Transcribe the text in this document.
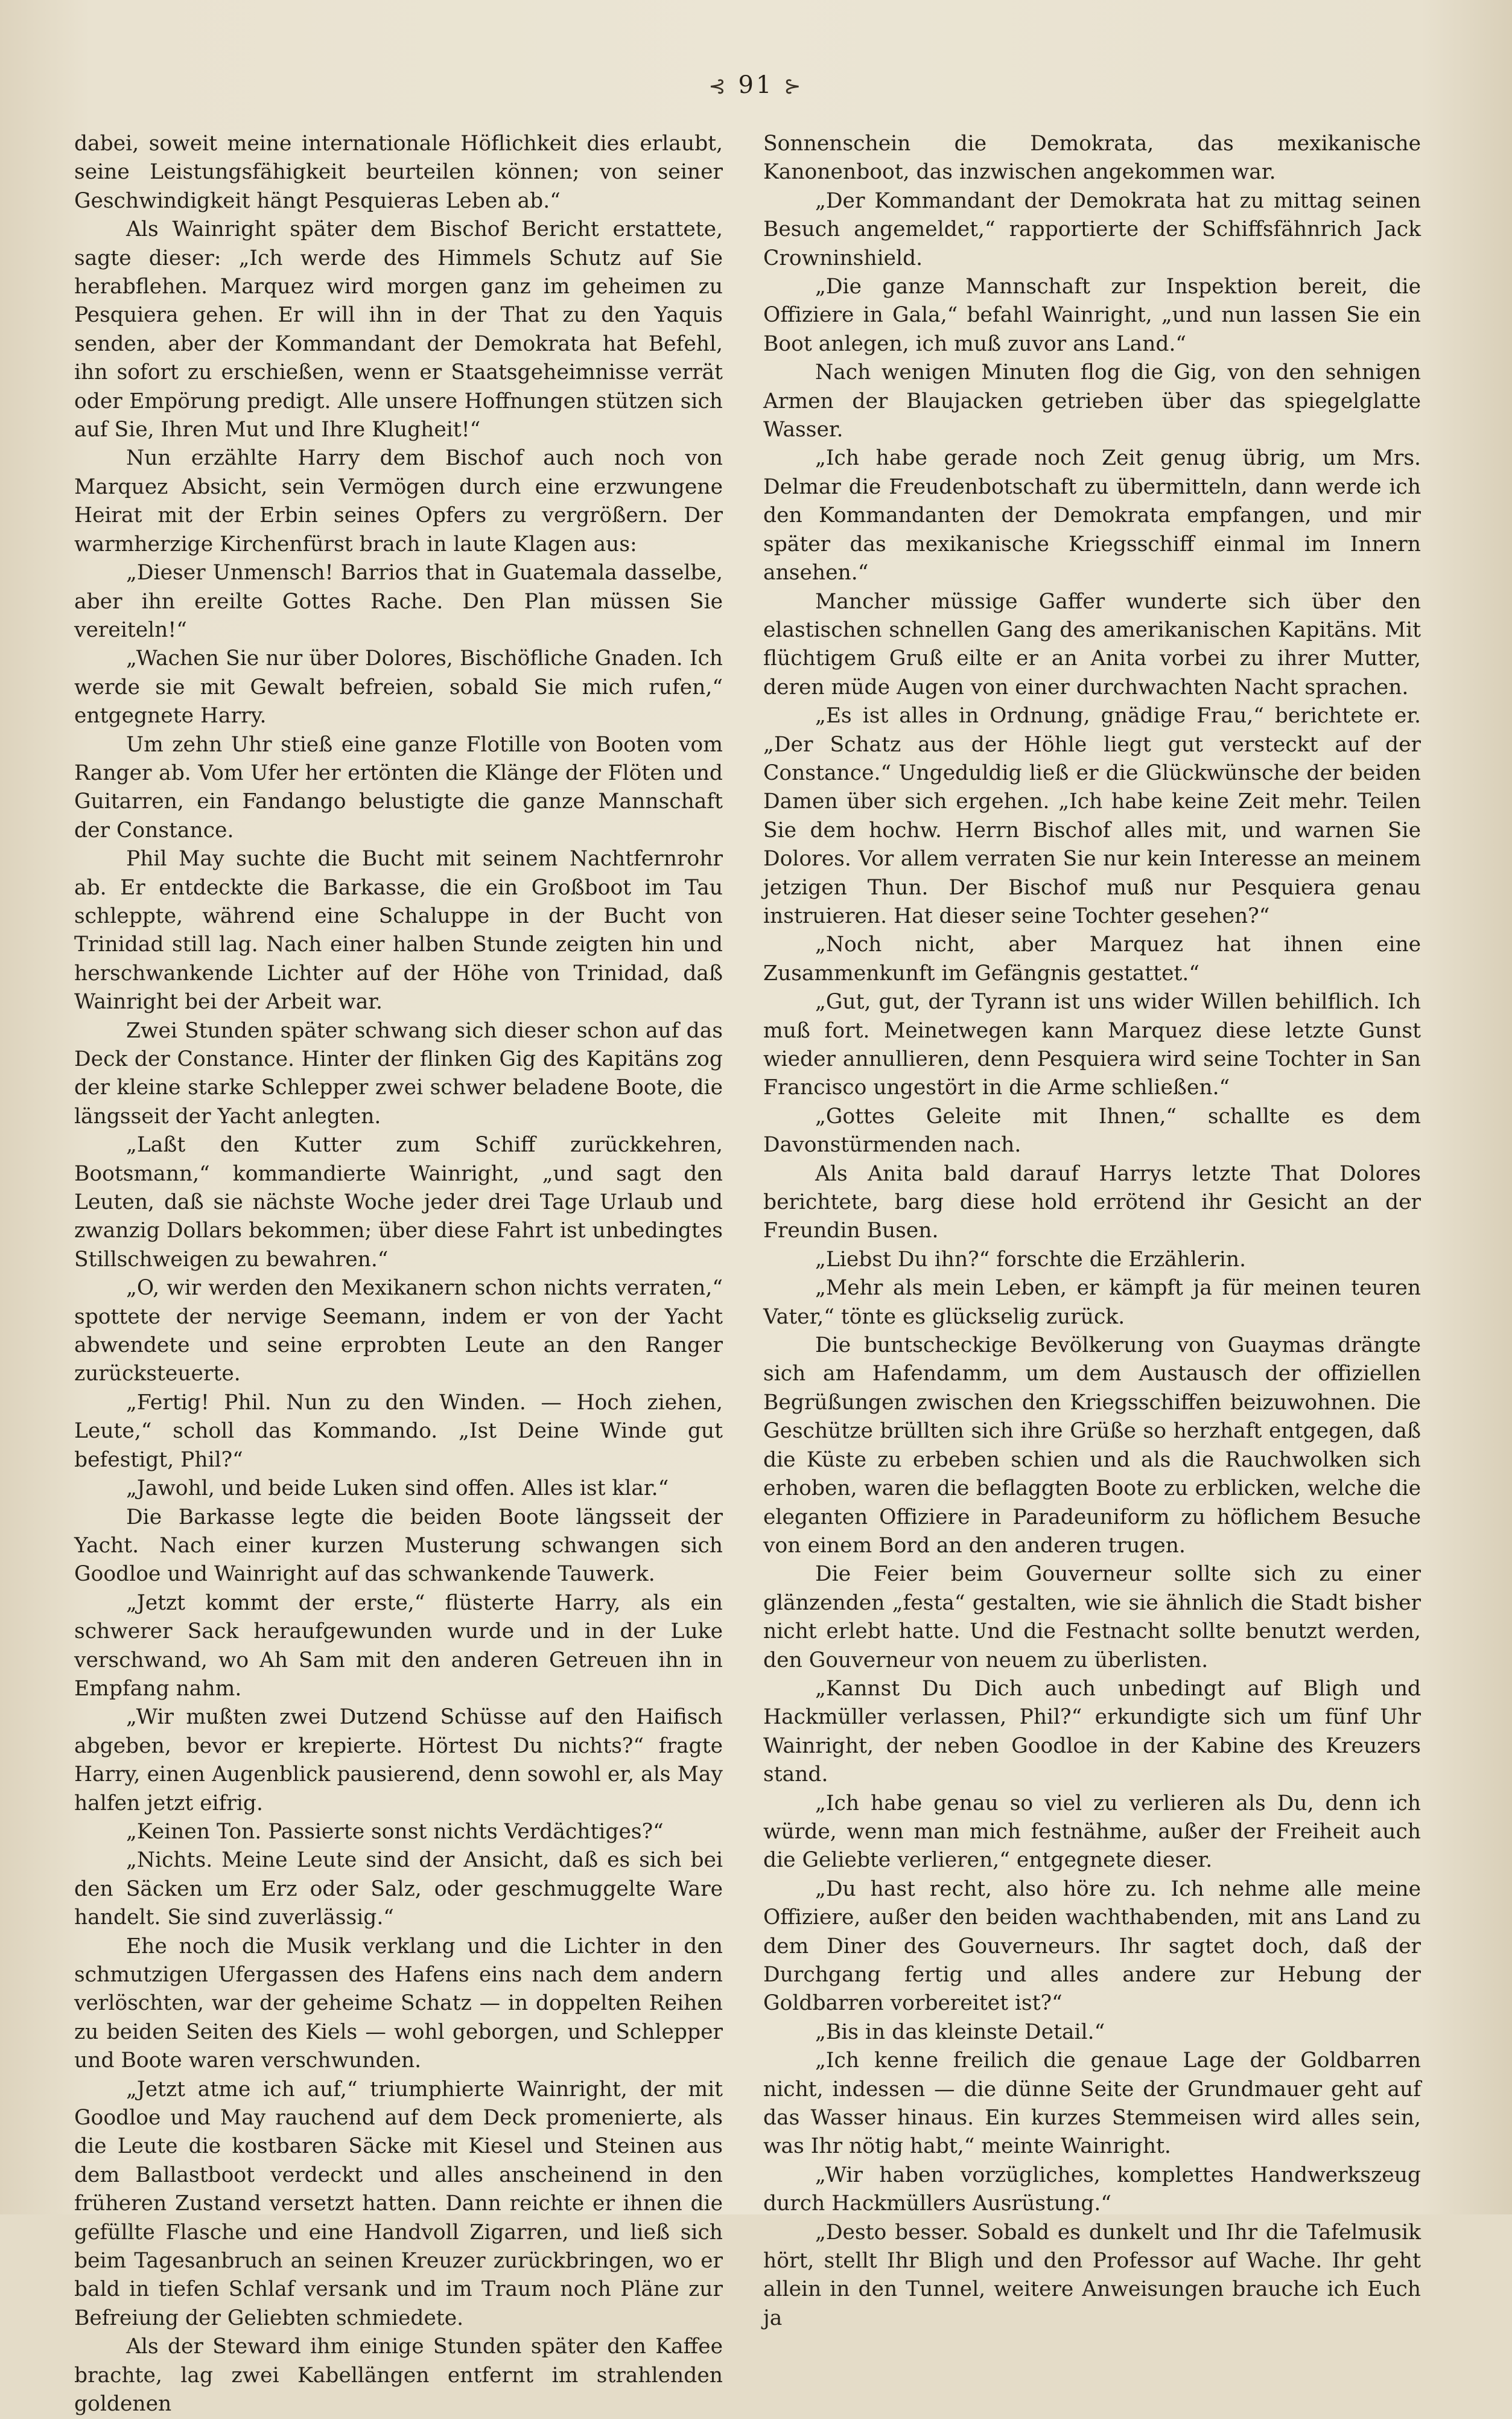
⊰ 91 ⊱

dabei, soweit meine internationale Höflichkeit dies erlaubt, seine Leistungsfähigkeit beurteilen können; von seiner Geschwindigkeit hängt Pesquieras Leben ab.“

Als Wainright später dem Bischof Bericht erstattete, sagte dieser: „Ich werde des Himmels Schutz auf Sie herabflehen. Marquez wird morgen ganz im geheimen zu Pesquiera gehen. Er will ihn in der That zu den Yaquis senden, aber der Kommandant der Demokrata hat Befehl, ihn sofort zu erschießen, wenn er Staatsgeheimnisse verrät oder Empörung predigt. Alle unsere Hoffnungen stützen sich auf Sie, Ihren Mut und Ihre Klugheit!“

Nun erzählte Harry dem Bischof auch noch von Marquez Absicht, sein Vermögen durch eine erzwungene Heirat mit der Erbin seines Opfers zu vergrößern. Der warmherzige Kirchenfürst brach in laute Klagen aus:

„Dieser Unmensch! Barrios that in Guatemala dasselbe, aber ihn ereilte Gottes Rache. Den Plan müssen Sie vereiteln!“

„Wachen Sie nur über Dolores, Bischöfliche Gnaden. Ich werde sie mit Gewalt befreien, sobald Sie mich rufen,“ entgegnete Harry.

Um zehn Uhr stieß eine ganze Flotille von Booten vom Ranger ab. Vom Ufer her ertönten die Klänge der Flöten und Guitarren, ein Fandango belustigte die ganze Mannschaft der Constance.

Phil May suchte die Bucht mit seinem Nachtfernrohr ab. Er entdeckte die Barkasse, die ein Großboot im Tau schleppte, während eine Schaluppe in der Bucht von Trinidad still lag. Nach einer halben Stunde zeigten hin und herschwankende Lichter auf der Höhe von Trinidad, daß Wainright bei der Arbeit war.

Zwei Stunden später schwang sich dieser schon auf das Deck der Constance. Hinter der flinken Gig des Kapitäns zog der kleine starke Schlepper zwei schwer beladene Boote, die längsseit der Yacht anlegten.

„Laßt den Kutter zum Schiff zurückkehren, Bootsmann,“ kommandierte Wainright, „und sagt den Leuten, daß sie nächste Woche jeder drei Tage Urlaub und zwanzig Dollars bekommen; über diese Fahrt ist unbedingtes Stillschweigen zu bewahren.“

„O, wir werden den Mexikanern schon nichts verraten,“ spottete der nervige Seemann, indem er von der Yacht abwendete und seine erprobten Leute an den Ranger zurücksteuerte.

„Fertig! Phil. Nun zu den Winden. — Hoch ziehen, Leute,“ scholl das Kommando. „Ist Deine Winde gut befestigt, Phil?“

„Jawohl, und beide Luken sind offen. Alles ist klar.“

Die Barkasse legte die beiden Boote längsseit der Yacht. Nach einer kurzen Musterung schwangen sich Goodloe und Wainright auf das schwankende Tauwerk.

„Jetzt kommt der erste,“ flüsterte Harry, als ein schwerer Sack heraufgewunden wurde und in der Luke verschwand, wo Ah Sam mit den anderen Getreuen ihn in Empfang nahm.

„Wir mußten zwei Dutzend Schüsse auf den Haifisch abgeben, bevor er krepierte. Hörtest Du nichts?“ fragte Harry, einen Augenblick pausierend, denn sowohl er, als May halfen jetzt eifrig.

„Keinen Ton. Passierte sonst nichts Verdächtiges?“

„Nichts. Meine Leute sind der Ansicht, daß es sich bei den Säcken um Erz oder Salz, oder geschmuggelte Ware handelt. Sie sind zuverlässig.“

Ehe noch die Musik verklang und die Lichter in den schmutzigen Ufergassen des Hafens eins nach dem andern verlöschten, war der geheime Schatz — in doppelten Reihen zu beiden Seiten des Kiels — wohl geborgen, und Schlepper und Boote waren verschwunden.

„Jetzt atme ich auf,“ triumphierte Wainright, der mit Goodloe und May rauchend auf dem Deck promenierte, als die Leute die kostbaren Säcke mit Kiesel und Steinen aus dem Ballastboot verdeckt und alles anscheinend in den früheren Zustand versetzt hatten. Dann reichte er ihnen die gefüllte Flasche und eine Handvoll Zigarren, und ließ sich beim Tagesanbruch an seinen Kreuzer zurückbringen, wo er bald in tiefen Schlaf versank und im Traum noch Pläne zur Befreiung der Geliebten schmiedete.

Als der Steward ihm einige Stunden später den Kaffee brachte, lag zwei Kabellängen entfernt im strahlenden goldenen

Sonnenschein die Demokrata, das mexikanische Kanonenboot, das inzwischen angekommen war.

„Der Kommandant der Demokrata hat zu mittag seinen Besuch angemeldet,“ rapportierte der Schiffsfähnrich Jack Crowninshield.

„Die ganze Mannschaft zur Inspektion bereit, die Offiziere in Gala,“ befahl Wainright, „und nun lassen Sie ein Boot anlegen, ich muß zuvor ans Land.“

Nach wenigen Minuten flog die Gig, von den sehnigen Armen der Blaujacken getrieben über das spiegelglatte Wasser.

„Ich habe gerade noch Zeit genug übrig, um Mrs. Delmar die Freudenbotschaft zu übermitteln, dann werde ich den Kommandanten der Demokrata empfangen, und mir später das mexikanische Kriegsschiff einmal im Innern ansehen.“

Mancher müssige Gaffer wunderte sich über den elastischen schnellen Gang des amerikanischen Kapitäns. Mit flüchtigem Gruß eilte er an Anita vorbei zu ihrer Mutter, deren müde Augen von einer durchwachten Nacht sprachen.

„Es ist alles in Ordnung, gnädige Frau,“ berichtete er. „Der Schatz aus der Höhle liegt gut versteckt auf der Constance.“ Ungeduldig ließ er die Glückwünsche der beiden Damen über sich ergehen. „Ich habe keine Zeit mehr. Teilen Sie dem hochw. Herrn Bischof alles mit, und warnen Sie Dolores. Vor allem verraten Sie nur kein Interesse an meinem jetzigen Thun. Der Bischof muß nur Pesquiera genau instruieren. Hat dieser seine Tochter gesehen?“

„Noch nicht, aber Marquez hat ihnen eine Zusammenkunft im Gefängnis gestattet.“

„Gut, gut, der Tyrann ist uns wider Willen behilflich. Ich muß fort. Meinetwegen kann Marquez diese letzte Gunst wieder annullieren, denn Pesquiera wird seine Tochter in San Francisco ungestört in die Arme schließen.“

„Gottes Geleite mit Ihnen,“ schallte es dem Davonstürmenden nach.

Als Anita bald darauf Harrys letzte That Dolores berichtete, barg diese hold errötend ihr Gesicht an der Freundin Busen.

„Liebst Du ihn?“ forschte die Erzählerin.

„Mehr als mein Leben, er kämpft ja für meinen teuren Vater,“ tönte es glückselig zurück.

Die buntscheckige Bevölkerung von Guaymas drängte sich am Hafendamm, um dem Austausch der offiziellen Begrüßungen zwischen den Kriegsschiffen beizuwohnen. Die Geschütze brüllten sich ihre Grüße so herzhaft entgegen, daß die Küste zu erbeben schien und als die Rauchwolken sich erhoben, waren die beflaggten Boote zu erblicken, welche die eleganten Offiziere in Paradeuniform zu höflichem Besuche von einem Bord an den anderen trugen.

Die Feier beim Gouverneur sollte sich zu einer glänzenden „festa“ gestalten, wie sie ähnlich die Stadt bisher nicht erlebt hatte. Und die Festnacht sollte benutzt werden, den Gouverneur von neuem zu überlisten.

„Kannst Du Dich auch unbedingt auf Bligh und Hackmüller verlassen, Phil?“ erkundigte sich um fünf Uhr Wainright, der neben Goodloe in der Kabine des Kreuzers stand.

„Ich habe genau so viel zu verlieren als Du, denn ich würde, wenn man mich festnähme, außer der Freiheit auch die Geliebte verlieren,“ entgegnete dieser.

„Du hast recht, also höre zu. Ich nehme alle meine Offiziere, außer den beiden wachthabenden, mit ans Land zu dem Diner des Gouverneurs. Ihr sagtet doch, daß der Durchgang fertig und alles andere zur Hebung der Goldbarren vorbereitet ist?“

„Bis in das kleinste Detail.“

„Ich kenne freilich die genaue Lage der Goldbarren nicht, indessen — die dünne Seite der Grundmauer geht auf das Wasser hinaus. Ein kurzes Stemmeisen wird alles sein, was Ihr nötig habt,“ meinte Wainright.

„Wir haben vorzügliches, komplettes Handwerkszeug durch Hackmüllers Ausrüstung.“

„Desto besser. Sobald es dunkelt und Ihr die Tafelmusik hört, stellt Ihr Bligh und den Professor auf Wache. Ihr geht allein in den Tunnel, weitere Anweisungen brauche ich Euch ja
